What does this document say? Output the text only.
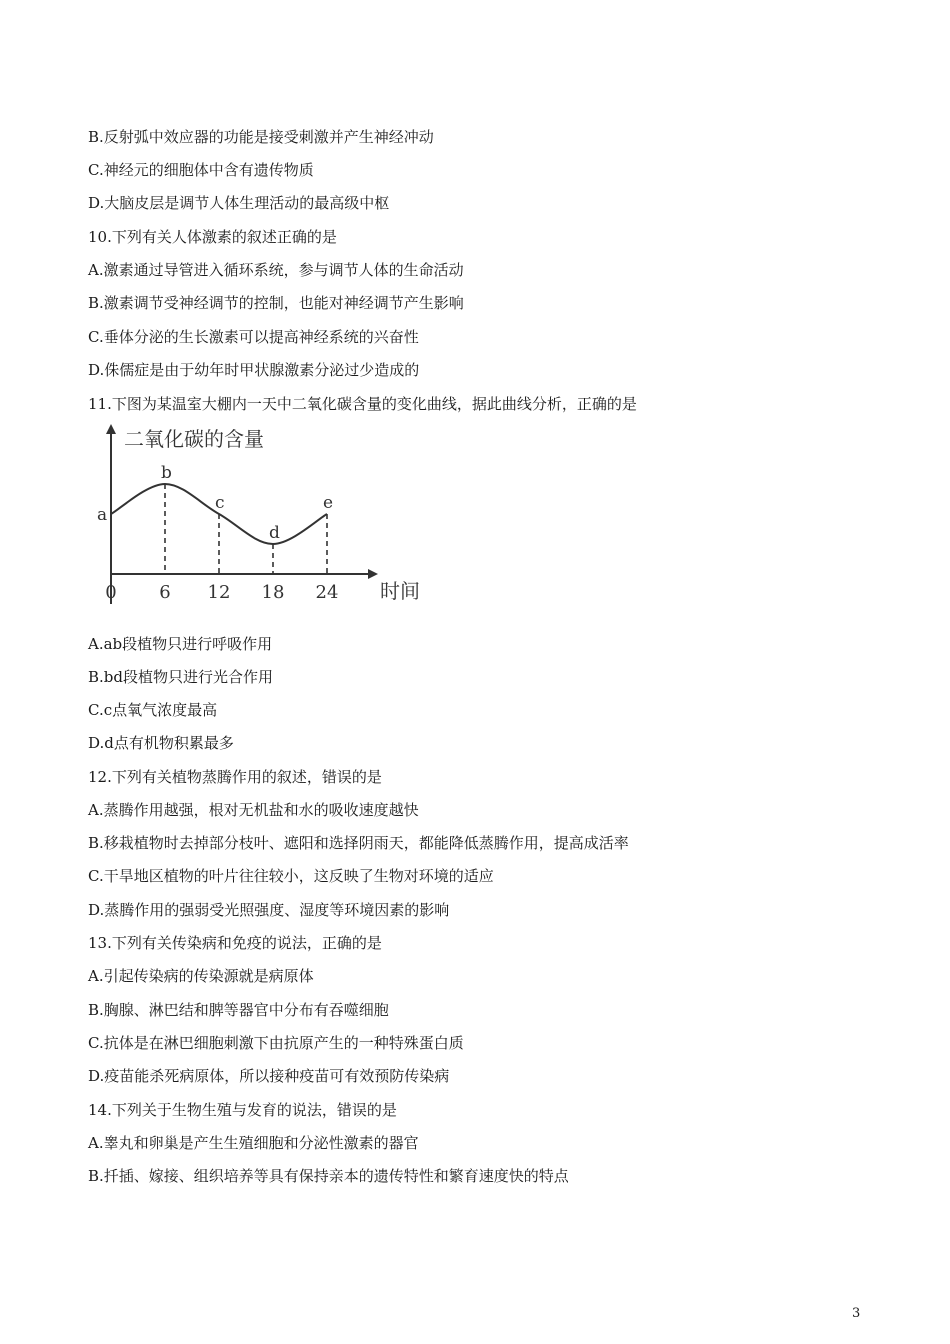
B.反射弧中效应器的功能是接受刺激并产生神经冲动
C.神经元的细胞体中含有遗传物质
D.大脑皮层是调节人体生理活动的最高级中枢
10.下列有关人体激素的叙述正确的是
A.激素通过导管进入循环系统，参与调节人体的生命活动
B.激素调节受神经调节的控制，也能对神经调节产生影响
C.垂体分泌的生长激素可以提高神经系统的兴奋性
D.侏儒症是由于幼年时甲状腺激素分泌过少造成的
11.下图为某温室大棚内一天中二氧化碳含量的变化曲线，据此曲线分析，正确的是
二氧化碳的含量
时间
a
b
c
d
e
0 6 12 18 24
A.ab段植物只进行呼吸作用
B.bd段植物只进行光合作用
C.c点氧气浓度最高
D.d点有机物积累最多
12.下列有关植物蒸腾作用的叙述，错误的是
A.蒸腾作用越强，根对无机盐和水的吸收速度越快
B.移栽植物时去掉部分枝叶、遮阳和选择阴雨天，都能降低蒸腾作用，提高成活率
C.干旱地区植物的叶片往往较小，这反映了生物对环境的适应
D.蒸腾作用的强弱受光照强度、湿度等环境因素的影响
13.下列有关传染病和免疫的说法，正确的是
A.引起传染病的传染源就是病原体
B.胸腺、淋巴结和脾等器官中分布有吞噬细胞
C.抗体是在淋巴细胞刺激下由抗原产生的一种特殊蛋白质
D.疫苗能杀死病原体，所以接种疫苗可有效预防传染病
14.下列关于生物生殖与发育的说法，错误的是
A.睾丸和卵巢是产生生殖细胞和分泌性激素的器官
B.扦插、嫁接、组织培养等具有保持亲本的遗传特性和繁育速度快的特点
3
